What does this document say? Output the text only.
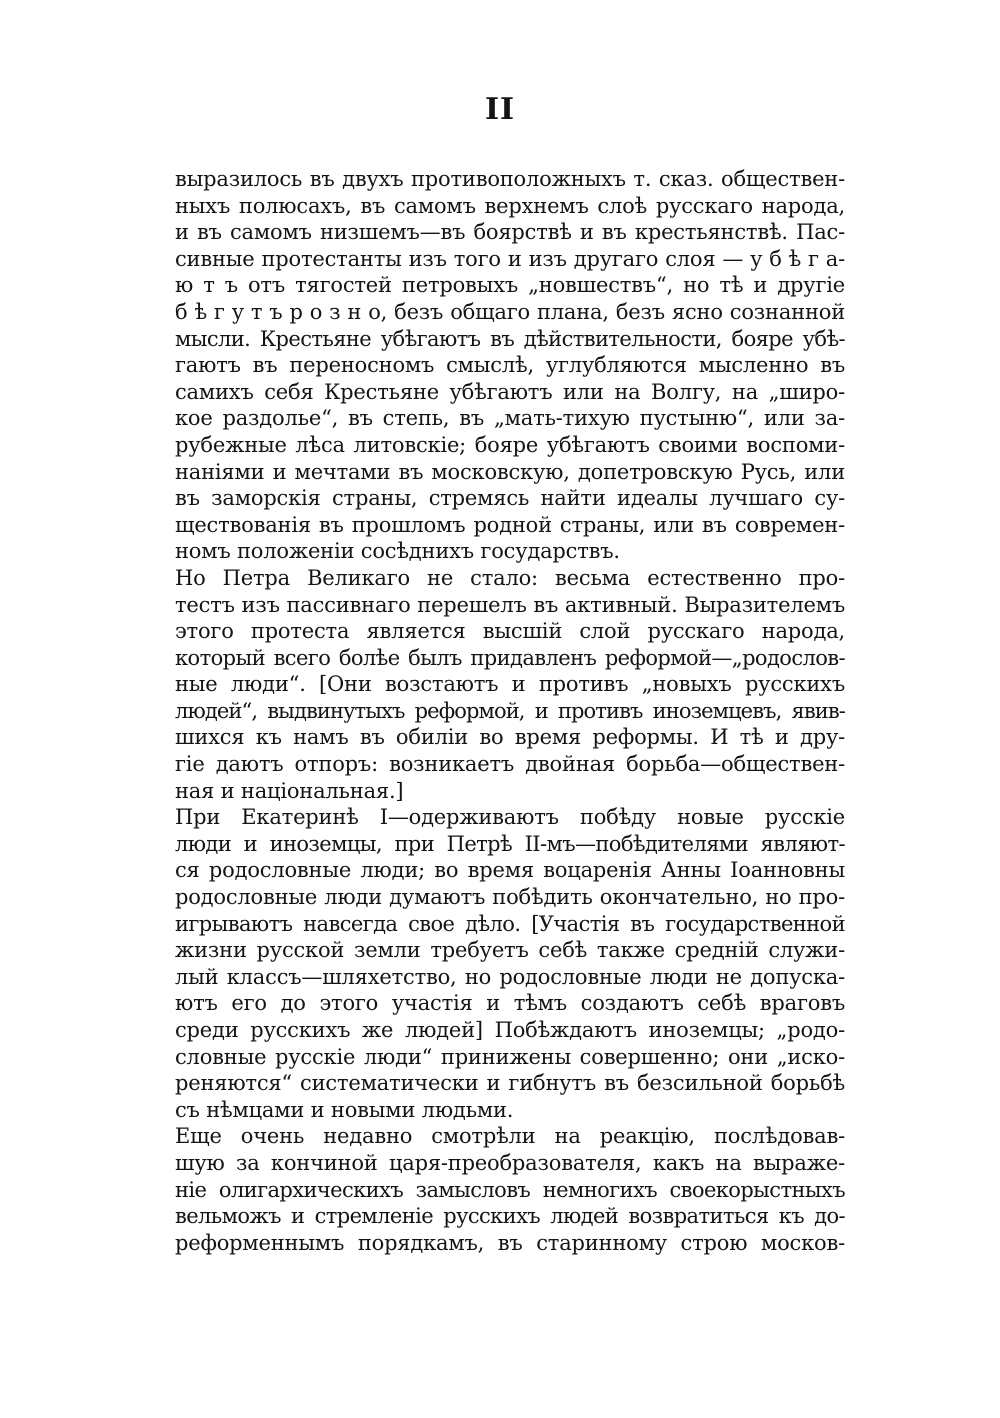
II
выразилось въ двухъ противоположныхъ т. сказ. обществен-
ныхъ полюсахъ, въ самомъ верхнемъ слоѣ русскаго народа,
и въ самомъ низшемъ—въ боярствѣ и въ крестьянствѣ. Пас-
сивные протестанты изъ того и изъ другаго слоя — у б ѣ г а-
ю т ъ отъ тягостей петровыхъ „новшествъ“, но тѣ и другіе
б ѣ г у т ъ р о з н о, безъ общаго плана, безъ ясно сознанной
мысли. Крестьяне убѣгаютъ въ дѣйствительности, бояре убѣ-
гаютъ въ переносномъ смыслѣ, углубляются мысленно въ
самихъ себя Крестьяне убѣгаютъ или на Волгу, на „широ-
кое раздолье“, въ степь, въ „мать-тихую пустыню“, или за-
рубежные лѣса литовскіе; бояре убѣгаютъ своими воспоми-
наніями и мечтами въ московскую, допетровскую Русь, или
въ заморскія страны, стремясь найти идеалы лучшаго су-
ществованія въ прошломъ родной страны, или въ современ-
номъ положеніи сосѣднихъ государствъ.
Но Петра Великаго не стало: весьма естественно про-
тестъ изъ пассивнаго перешелъ въ активный. Выразителемъ
этого протеста является высшій слой русскаго народа,
который всего болѣе былъ придавленъ реформой—„родослов-
ные люди“. [Они возстаютъ и противъ „новыхъ русскихъ
людей“, выдвинутыхъ реформой, и противъ иноземцевъ, явив-
шихся къ намъ въ обиліи во время реформы. И тѣ и дру-
гіе даютъ отпоръ: возникаетъ двойная борьба—обществен-
ная и національная.]
При Екатеринѣ I—одерживаютъ побѣду новые русскіе
люди и иноземцы, при Петрѣ II-мъ—побѣдителями являют-
ся родословные люди; во время воцаренія Анны Іоанновны
родословные люди думаютъ побѣдить окончательно, но про-
игрываютъ навсегда свое дѣло. [Участія въ государственной
жизни русской земли требуетъ себѣ также средній служи-
лый классъ—шляхетство, но родословные люди не допуска-
ютъ его до этого участія и тѣмъ создаютъ себѣ враговъ
среди русскихъ же людей] Побѣждаютъ иноземцы; „родо-
словные русскіе люди“ принижены совершенно; они „иско-
реняются“ систематически и гибнутъ въ безсильной борьбѣ
съ нѣмцами и новыми людьми.
Еще очень недавно смотрѣли на реакцію, послѣдовав-
шую за кончиной царя-преобразователя, какъ на выраже-
ніе олигархическихъ замысловъ немногихъ своекорыстныхъ
вельможъ и стремленіе русскихъ людей возвратиться къ до-
реформеннымъ порядкамъ, въ старинному строю москов-
